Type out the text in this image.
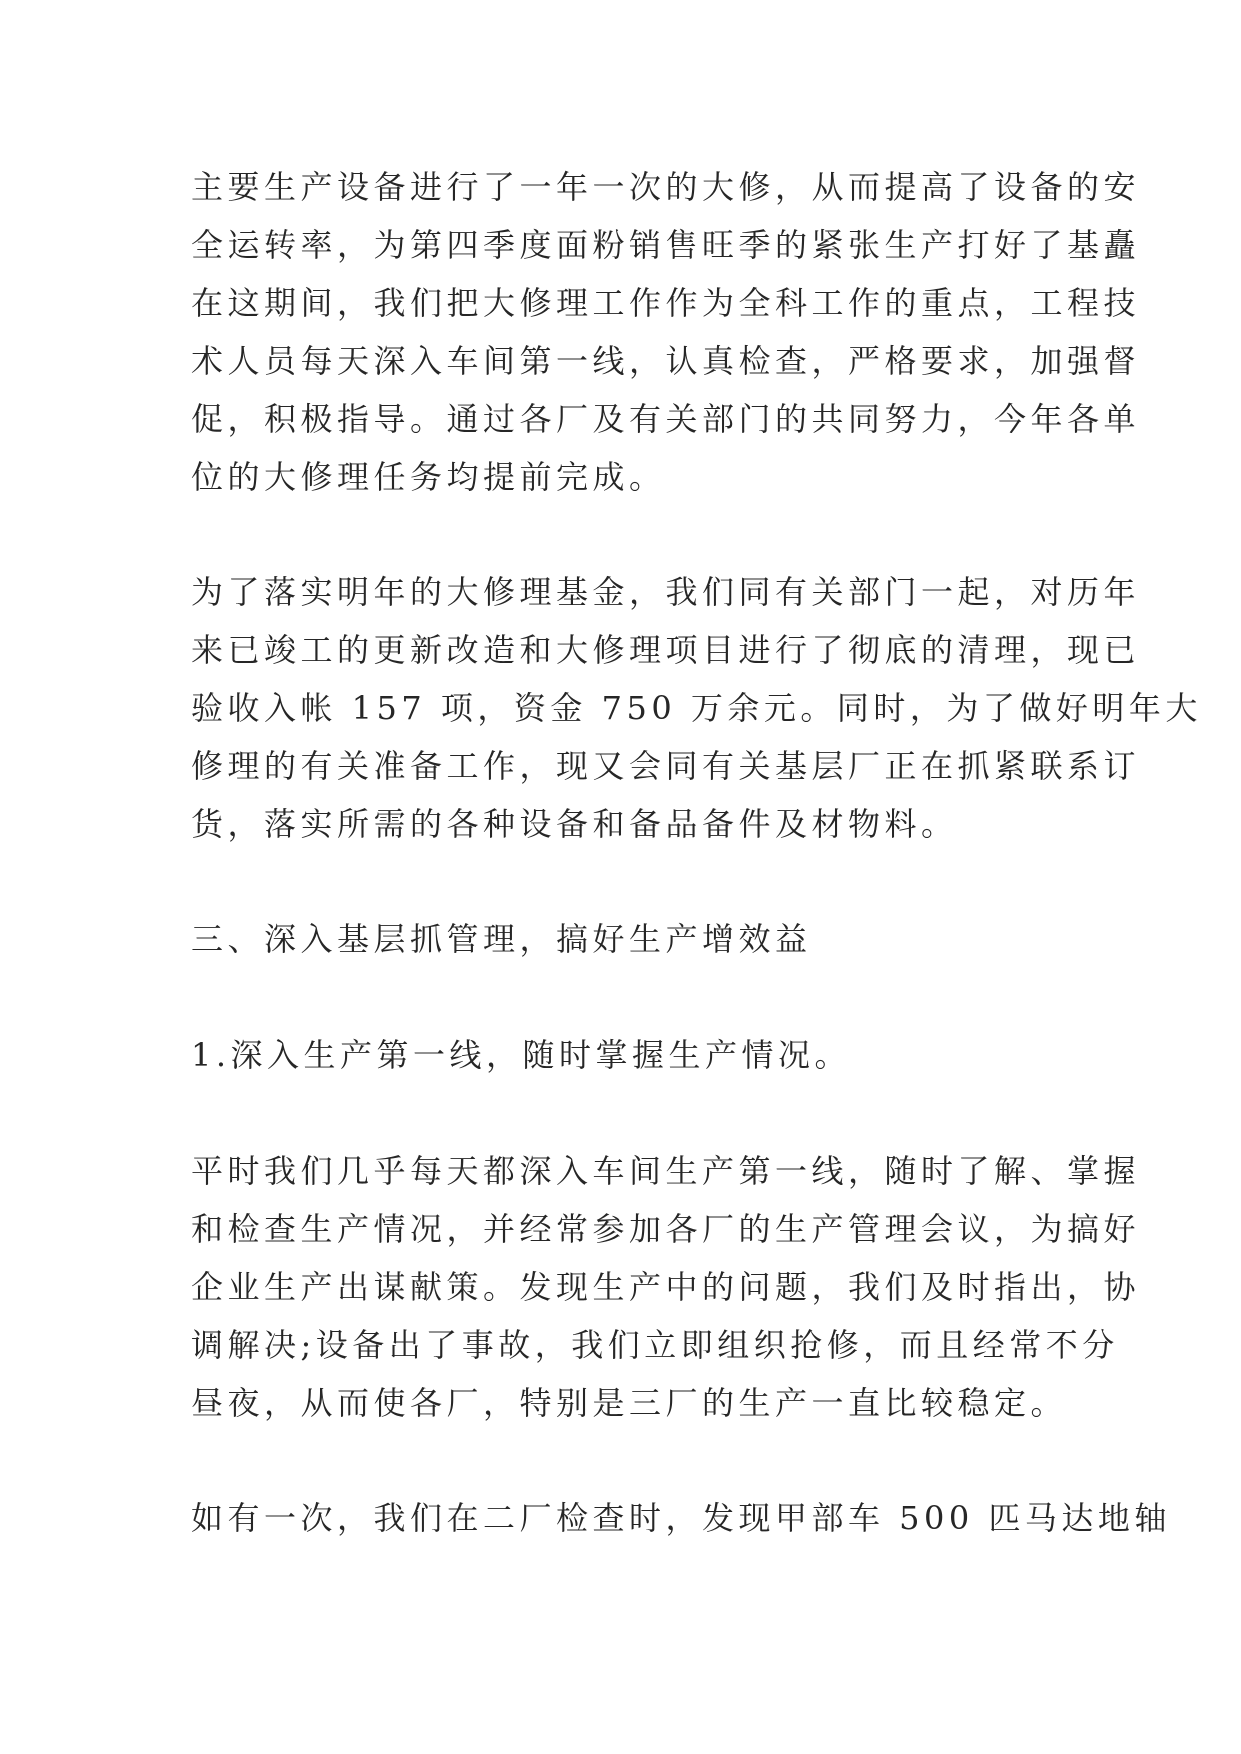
主要生产设备进行了一年一次的大修，从而提高了设备的安
全运转率，为第四季度面粉销售旺季的紧张生产打好了基矗
在这期间，我们把大修理工作作为全科工作的重点，工程技
术人员每天深入车间第一线，认真检查，严格要求，加强督
促，积极指导。通过各厂及有关部门的共同努力，今年各单
位的大修理任务均提前完成。
为了落实明年的大修理基金，我们同有关部门一起，对历年
来已竣工的更新改造和大修理项目进行了彻底的清理，现已
验收入帐 157 项，资金 750 万余元。同时，为了做好明年大
修理的有关准备工作，现又会同有关基层厂正在抓紧联系订
货，落实所需的各种设备和备品备件及材物料。
三、深入基层抓管理，搞好生产增效益
1.深入生产第一线，随时掌握生产情况。
平时我们几乎每天都深入车间生产第一线，随时了解、掌握
和检查生产情况，并经常参加各厂的生产管理会议，为搞好
企业生产出谋献策。发现生产中的问题，我们及时指出，协
调解决;设备出了事故，我们立即组织抢修，而且经常不分
昼夜，从而使各厂，特别是三厂的生产一直比较稳定。
如有一次，我们在二厂检查时，发现甲部车 500 匹马达地轴
